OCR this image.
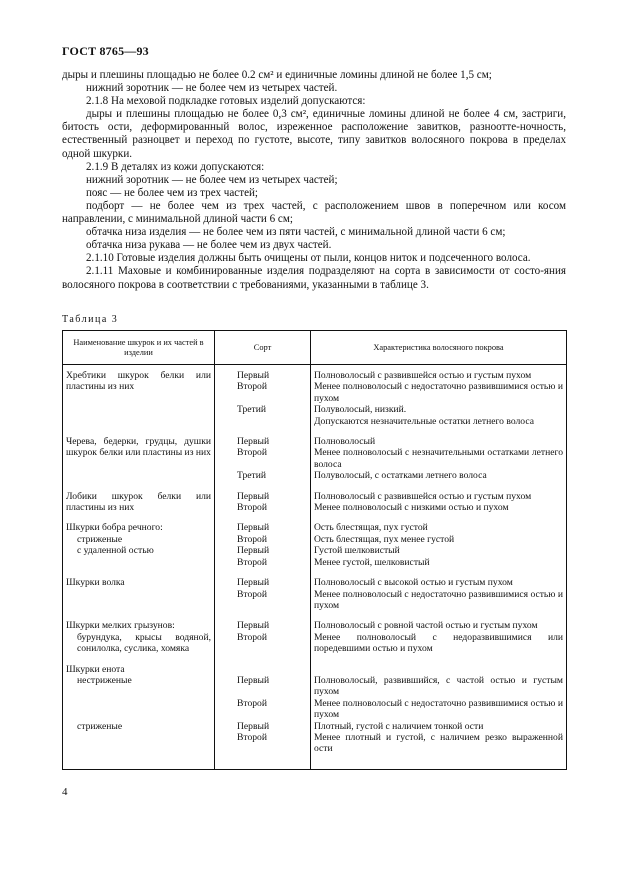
ГОСТ 8765—93

дыры и плешины площадью не более 0.2 см² и единичные ломины длиной не более 1,5 см;

нижний зоротник — не более чем из четырех частей.

2.1.8 На меховой подкладке готовых изделий допускаются:

дыры и плешины площадью не более 0,3 см², единичные ломины длиной не более 4 см, застриги, битость ости, деформированный волос, изреженное расположение завитков, разноотте-ночность, естественный разноцвет и переход по густоте, высоте, типу завитков волосяного покрова в пределах одной шкурки.

2.1.9 В деталях из кожи допускаются:

нижний зоротник — не более чем из четырех частей;

пояс — не более чем из трех частей;

подборт — не более чем из трех частей, с расположением швов в поперечном или косом направлении, с минимальной длиной части 6 см;

обтачка низа изделия — не более чем из пяти частей, с минимальной длиной части 6 см;

обтачка низа рукава — не более чем из двух частей.

2.1.10 Готовые изделия должны быть очищены от пыли, концов ниток и подсеченного волоса.

2.1.11 Маховые и комбинированные изделия подразделяют на сорта в зависимости от состо-яния волосяного покрова в соответствии с требованиями, указанными в таблице 3.

Таблица 3
Наименование шкурок и их частей в изделии	Сорт	Характеристика волосяного покрова

Хребтики шкурок белки или пластины из них	Первый	Полноволосый с развившейся остью и густым пухом
	Второй	Менее полноволосый с недостаточно развившимися остью и пухом
	Третий	Полуволосый, низкий.
		Допускаются незначительные остатки летнего волоса

Черева, бедерки, грудцы, душки шкурок белки или пластины из них	Первый	Полноволосый
	Второй	Менее полноволосый с незначительными остатками летнего волоса
	Третий	Полуволосый, с остатками летнего волоса

Лобики шкурок белки или пластины из них	Первый	Полноволосый с развившейся остью и густым пухом
	Второй	Менее полноволосый с низкими остью и пухом

Шкурки бобра речного:	Первый	Ость блестящая, пух густой
стриженые	Второй	Ость блестящая, пух менее густой
с удаленной остью	Первый	Густой шелковистый
	Второй	Менее густой, шелковистый

Шкурки волка	Первый	Полноволосый с высокой остью и густым пухом
	Второй	Менее полноволосый с недостаточно развившимися остью и пухом

Шкурки мелких грызунов:	Первый	Полноволосый с ровной частой остью и густым пухом
бурундука, крысы водяной, сонилолка, суслика, хомяка	Второй	Менее полноволосый с недоразвившимися или поредевшими остью и пухом

Шкурки енота		
нестриженые	Первый	Полноволосый, развившийся, с частой остью и густым пухом
	Второй	Менее полноволосый с недостаточно развившимися остью и пухом
стриженые	Первый	Плотный, густой с наличием тонкой ости
	Второй	Менее плотный и густой, с наличием резко выраженной ости

4
